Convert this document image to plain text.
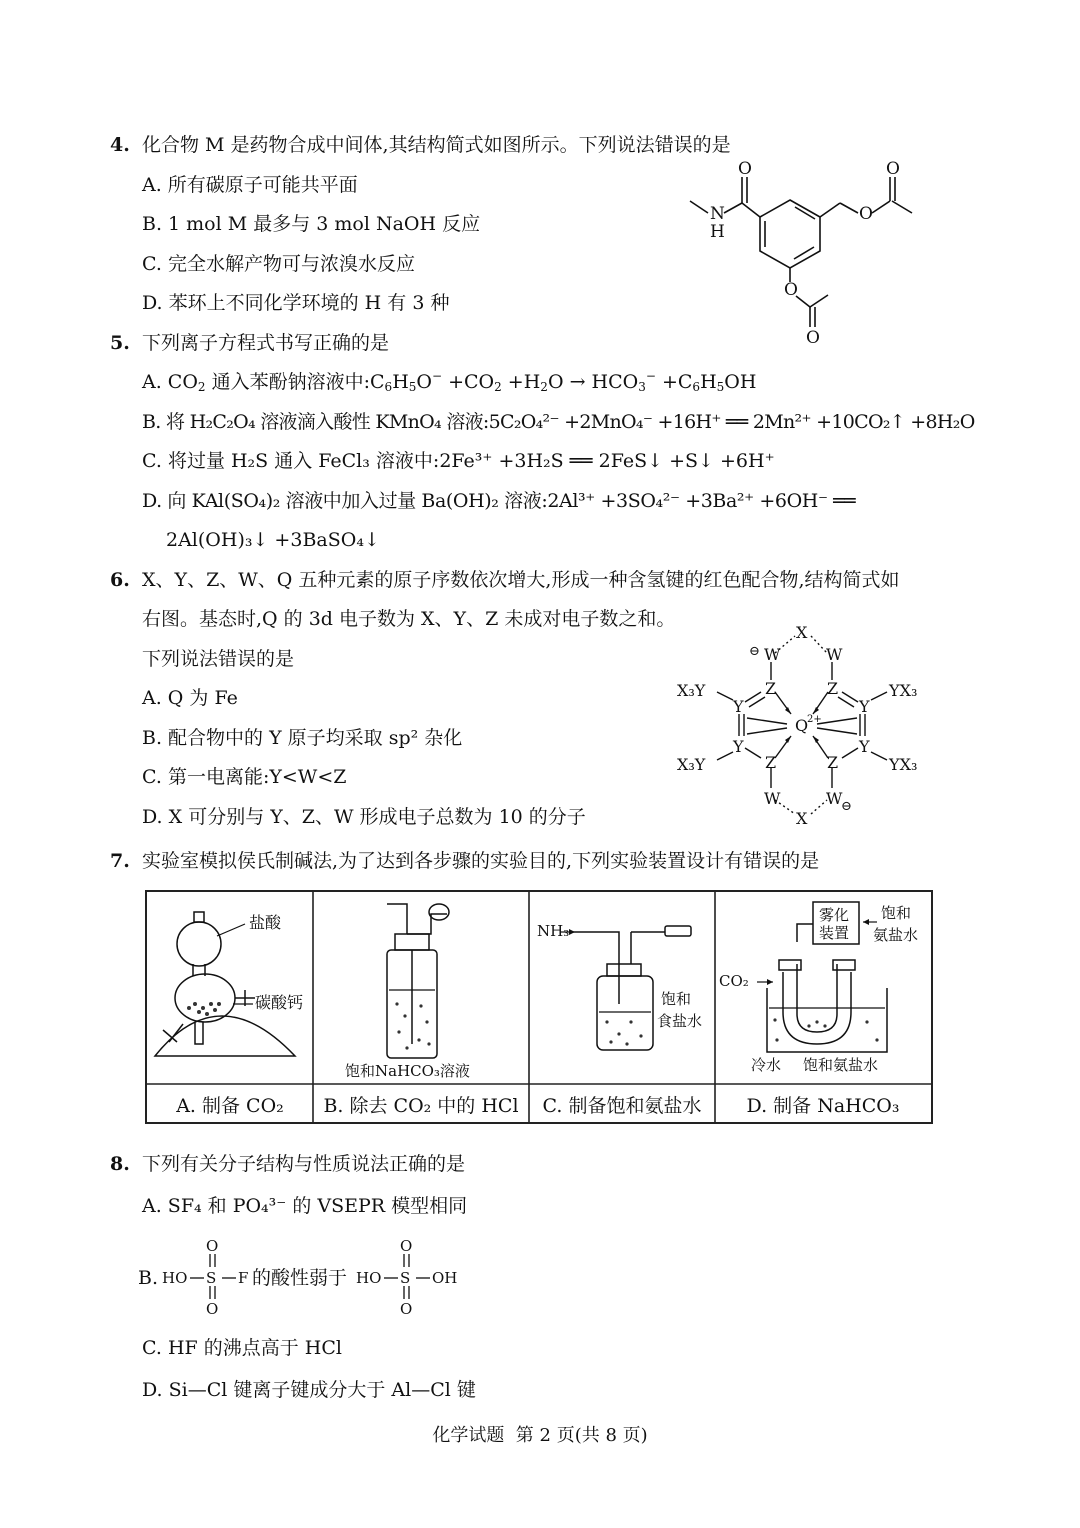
4. 化合物 M 是药物合成中间体,其结构简式如图所示。下列说法错误的是
A. 所有碳原子可能共平面
B. 1 mol M 最多与 3 mol NaOH 反应
C. 完全水解产物可与浓溴水反应
D. 苯环上不同化学环境的 H 有 3 种
O
N
H
O
O
O
O
5. 下列离子方程式书写正确的是
A. $CO_2$ 通入苯酚钠溶液中$:C_6H_5O^- +CO_2 +H_2O \to HCO_3^- +C_6H_5OH$
B. 将 H₂C₂O₄ 溶液滴入酸性 KMnO₄ 溶液:5C₂O₄²⁻ +2MnO₄⁻ +16H⁺ ══ 2Mn²⁺ +10CO₂↑ +8H₂O
C. 将过量 H₂S 通入 FeCl₃ 溶液中:2Fe³⁺ +3H₂S ══ 2FeS↓ +S↓ +6H⁺
D. 向 KAl(SO₄)₂ 溶液中加入过量 Ba(OH)₂ 溶液:2Al³⁺ +3SO₄²⁻ +3Ba²⁺ +6OH⁻ ══
2Al(OH)₃↓ +3BaSO₄↓
6. X、Y、Z、W、Q 五种元素的原子序数依次增大,形成一种含氢键的红色配合物,结构简式如
右图。基态时,Q 的 3d 电子数为 X、Y、Z 未成对电子数之和。
下列说法错误的是
A. Q 为 Fe
B. 配合物中的 Y 原子均采取 sp² 杂化
C. 第一电离能:Y<W<Z
D. X 可分别与 Y、Z、W 形成电子总数为 10 的分子
X
X
⊖ W	W
W	W
⊖
Z	Z
Z	Z
Y	Y
Y	Y
Q
2+
X₃Y
X₃Y
YX₃
YX₃
7. 实验室模拟侯氏制碱法,为了达到各步骤的实验目的,下列实验装置设计有错误的是
盐酸
碳酸钙
饱和NaHCO₃溶液
NH₃
饱和
食盐水
雾化
装置
饱和
氨盐水
CO₂
冷水 饱和氨盐水
A. 制备 CO₂	B. 除去 CO₂ 中的 HCl	C. 制备饱和氨盐水	D. 制备 NaHCO₃
8. 下列有关分子结构与性质说法正确的是
A. SF₄ 和 PO₄³⁻ 的 VSEPR 模型相同
B. HO S
O
O
F 的酸性弱于 HO S
O
O
OH
C. HF 的沸点高于 HCl
D. Si—Cl 键离子键成分大于 Al—Cl 键
化学试题  第 2 页(共 8 页)
